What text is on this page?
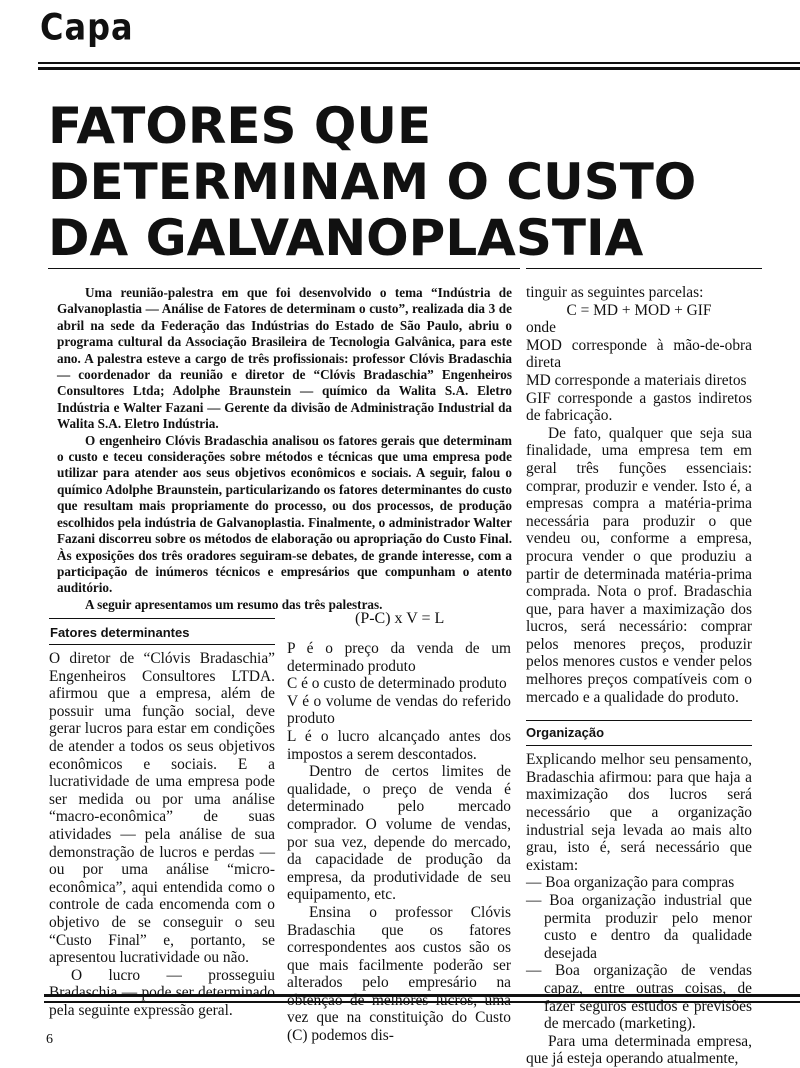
Capa
FATORES QUE
DETERMINAM O CUSTO
DA GALVANOPLASTIA

Uma reunião-palestra em que foi desenvolvido o tema “Indústria de Galvanoplastia — Análise de Fatores de determinam o custo”, realizada dia 3 de abril na sede da Federação das Indústrias do Estado de São Paulo, abriu o programa cultural da Associação Brasileira de Tecnologia Galvânica, para este ano. A palestra esteve a cargo de três profissionais: professor Clóvis Bradaschia — coordenador da reunião e diretor de “Clóvis Bradaschia” Engenheiros Consultores Ltda; Adolphe Braunstein — químico da Walita S.A. Eletro Indústria e Walter Fazani — Gerente da divisão de Administração Industrial da Walita S.A. Eletro Indústria.

O engenheiro Clóvis Bradaschia analisou os fatores gerais que determinam o custo e teceu considerações sobre métodos e técnicas que uma empresa pode utilizar para atender aos seus objetivos econômicos e sociais. A seguir, falou o químico Adolphe Braunstein, particularizando os fatores determinantes do custo que resultam mais propriamente do processo, ou dos processos, de produção escolhidos pela indústria de Galvanoplastia. Finalmente, o administrador Walter Fazani discorreu sobre os métodos de elaboração ou apropriação do Custo Final. Às exposições dos três oradores seguiram-se debates, de grande interesse, com a participação de inúmeros técnicos e empresários que compunham o atento auditório.

A seguir apresentamos um resumo das três palestras.

Fatores determinantes

O diretor de “Clóvis Bradaschia” Engenheiros Consultores LTDA. afirmou que a empresa, além de possuir uma função social, deve gerar lucros para estar em condições de atender a todos os seus objetivos econômicos e sociais. E a lucratividade de uma empresa pode ser medida ou por uma análise “macro-econômica” de suas atividades — pela análise de sua demonstração de lucros e perdas — ou por uma análise “micro-econômica”, aqui entendida como o controle de cada encomenda com o objetivo de se conseguir o seu “Custo Final” e, portanto, se apresentou lucratividade ou não.

O lucro — prosseguiu Bradaschia — pode ser determinado pela seguinte expressão geral.

(P-C) x V = L

P é o preço da venda de um determinado produto

C é o custo de determinado produto

V é o volume de vendas do referido produto

L é o lucro alcançado antes dos impostos a serem descontados.

Dentro de certos limites de qualidade, o preço de venda é determinado pelo mercado comprador. O volume de vendas, por sua vez, depende do mercado, da capacidade de produção da empresa, da produtividade de seu equipamento, etc.

Ensina o professor Clóvis Bradaschia que os fatores correspondentes aos custos são os que mais facilmente poderão ser alterados pelo empresário na obtenção de melhores lucros, uma vez que na constituição do Custo (C) podemos dis-

tinguir as seguintes parcelas:

C = MD + MOD + GIF

onde

MOD corresponde à mão-de-obra direta

MD corresponde a materiais diretos

GIF corresponde a gastos indiretos de fabricação.

De fato, qualquer que seja sua finalidade, uma empresa tem em geral três funções essenciais: comprar, produzir e vender. Isto é, a empresas compra a matéria-prima necessária para produzir o que vendeu ou, conforme a empresa, procura vender o que produziu a partir de determinada matéria-prima comprada. Nota o prof. Bradaschia que, para haver a maximização dos lucros, será necessário: comprar pelos menores preços, produzir pelos menores custos e vender pelos melhores preços compatíveis com o mercado e a qualidade do produto.

Organização

Explicando melhor seu pensamento, Bradaschia afirmou: para que haja a maximização dos lucros será necessário que a organização industrial seja levada ao mais alto grau, isto é, será necessário que existam:

— Boa organização para compras

— Boa organização industrial que permita produzir pelo menor custo e dentro da qualidade desejada

— Boa organização de vendas capaz, entre outras coisas, de fazer seguros estudos e previsões de mercado (marketing).

Para uma determinada empresa, que já esteja operando atualmente,

6
